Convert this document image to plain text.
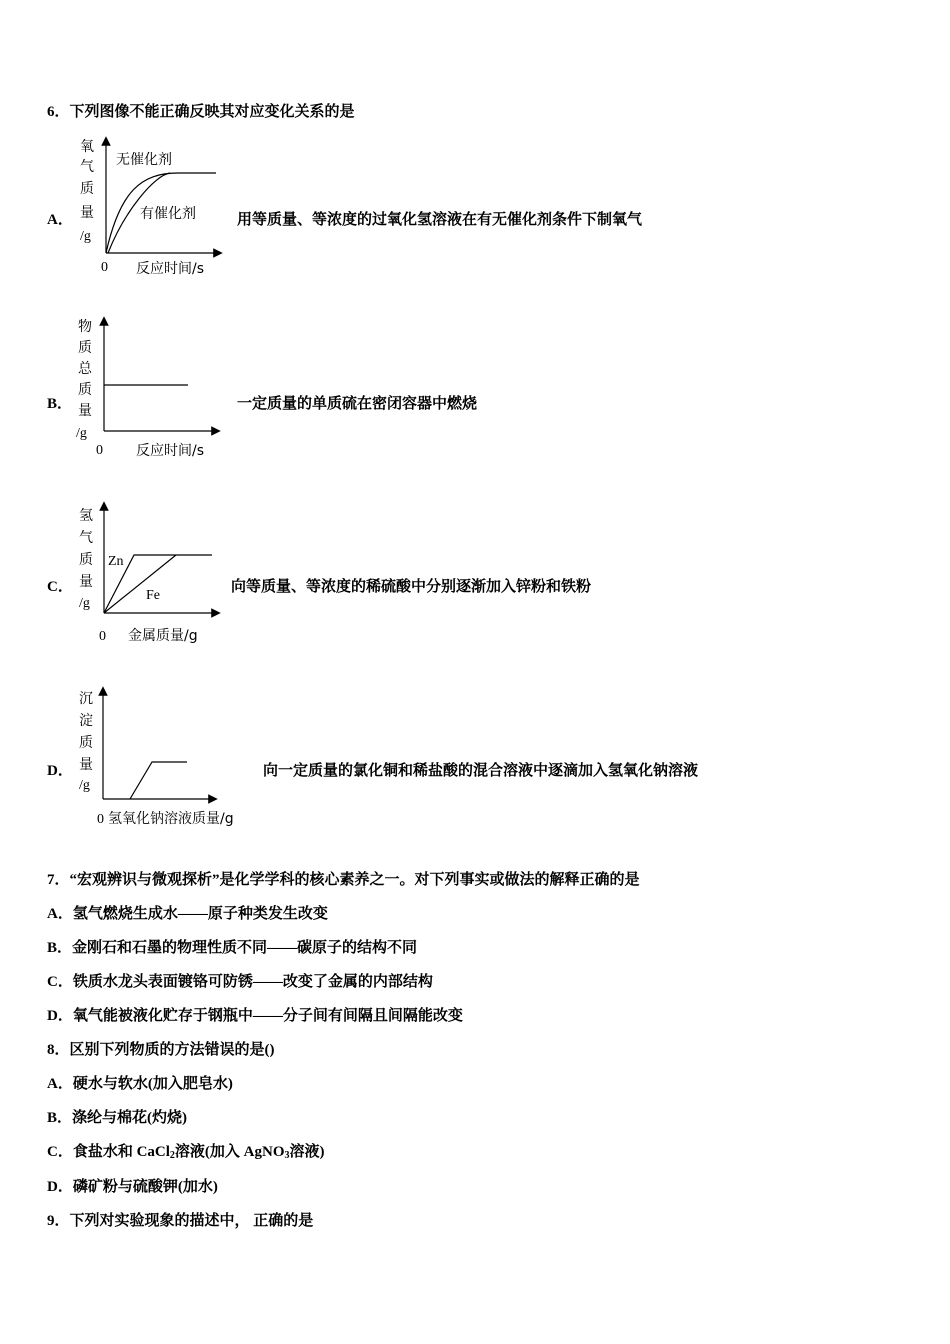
6．下列图像不能正确反映其对应变化关系的是
A．
氧
气
质
量
/g
0 反应时间/s
无催化剂
有催化剂	用等质量、等浓度的过氧化氢溶液在有无催化剂条件下制氧气
B．
物
质
总
质
量
/g
0 反应时间/s
一定质量的单质硫在密闭容器中燃烧
C．
氢
气
质
量
/g
0 金属质量/g
Zn
Fe
向等质量、等浓度的稀硫酸中分别逐渐加入锌粉和铁粉
D．
沉
淀
质
量
/g
0 氢氧化钠溶液质量/g
向一定质量的氯化铜和稀盐酸的混合溶液中逐滴加入氢氧化钠溶液
7．“宏观辨识与微观探析”是化学学科的核心素养之一。对下列事实或做法的解释正确的是
A．氢气燃烧生成水——原子种类发生改变
B．金刚石和石墨的物理性质不同——碳原子的结构不同
C．铁质水龙头表面镀铬可防锈——改变了金属的内部结构
D．氧气能被液化贮存于钢瓶中——分子间有间隔且间隔能改变
8．区别下列物质的方法错误的是()
A．硬水与软水(加入肥皂水)
B．涤纶与棉花(灼烧)
C．食盐水和 CaCl$_2$溶液(加入 AgNO$_3$溶液)
D．磷矿粉与硫酸钾(加水)
9．下列对实验现象的描述中， 正确的是
